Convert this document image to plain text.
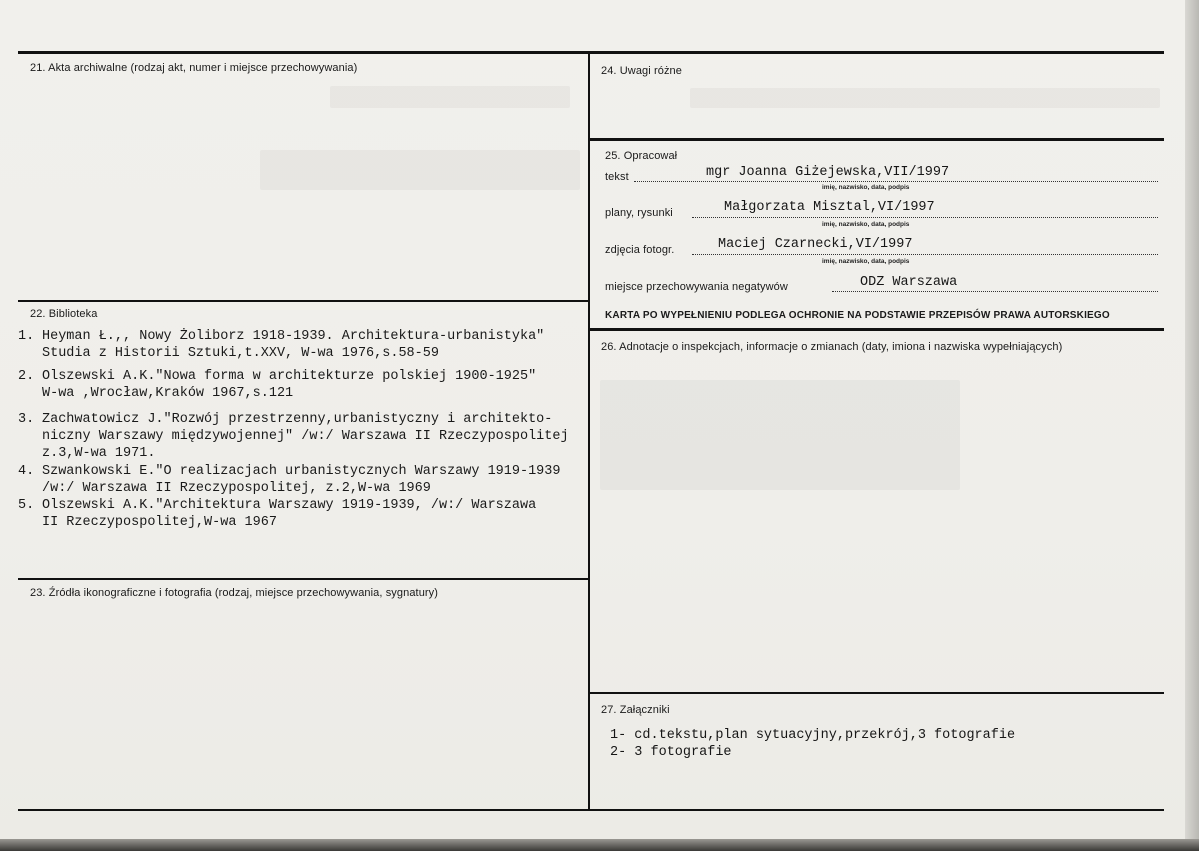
21. Akta archiwalne (rodzaj akt, numer i miejsce przechowywania)
22. Biblioteka
1. Heyman Ł.,, Nowy Żoliborz 1918-1939. Architektura-urbanistyka"
Studia z Historii Sztuki,t.XXV, W-wa 1976,s.58-59
2. Olszewski A.K."Nowa forma w architekturze polskiej 1900-1925"
W-wa ,Wrocław,Kraków 1967,s.121
3. Zachwatowicz J."Rozwój przestrzenny,urbanistyczny i architekto-
niczny Warszawy międzywojennej" /w:/ Warszawa II Rzeczypospolitej
z.3,W-wa 1971.
4. Szwankowski E."O realizacjach urbanistycznych Warszawy 1919-1939
/w:/ Warszawa II Rzeczypospolitej, z.2,W-wa 1969
5. Olszewski A.K."Architektura Warszawy 1919-1939, /w:/ Warszawa
II Rzeczypospolitej,W-wa 1967
23. Źródła ikonograficzne i fotografia (rodzaj, miejsce przechowywania, sygnatury)
24. Uwagi różne
25. Opracował
tekst	mgr Joanna Giżejewska,VII/1997
imię, nazwisko, data, podpis
plany, rysunki	Małgorzata Misztal,VI/1997
imię, nazwisko, data, podpis
zdjęcia fotogr.	Maciej Czarnecki,VI/1997
imię, nazwisko, data, podpis
miejsce przechowywania negatywów	ODZ Warszawa
KARTA PO WYPEŁNIENIU PODLEGA OCHRONIE NA PODSTAWIE PRZEPISÓW PRAWA AUTORSKIEGO
26. Adnotacje o inspekcjach, informacje o zmianach (daty, imiona i nazwiska wypełniających)
27. Załączniki
1- cd.tekstu,plan sytuacyjny,przekrój,3 fotografie
2- 3 fotografie
